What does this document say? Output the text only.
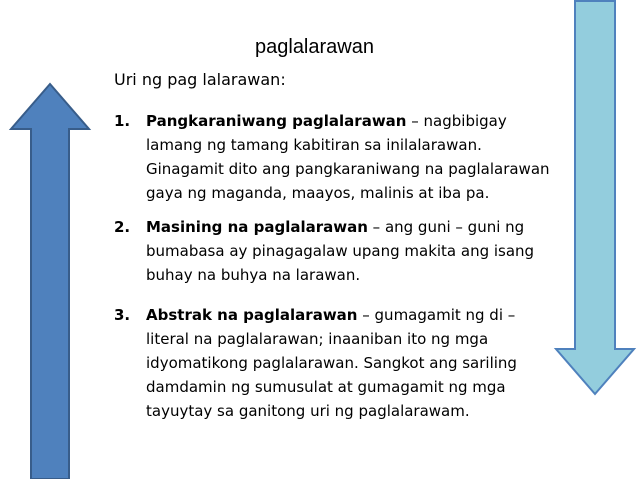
paglalarawan
Uri ng pag lalarawan:
1. Pangkaraniwang paglalarawan – nagbibigay lamang ng tamang kabitiran sa inilalarawan. Ginagamit dito ang pangkaraniwang na paglalarawan gaya ng maganda, maayos, malinis at iba pa.
2. Masining na paglalarawan – ang guni – guni ng bumabasa ay pinagagalaw upang makita ang isang buhay na buhya na larawan.
3. Abstrak na paglalarawan – gumagamit ng di – literal na paglalarawan; inaaniban ito ng mga idyomatikong paglalarawan. Sangkot ang sariling damdamin ng sumusulat at gumagamit ng mga tayuytay sa ganitong uri ng paglalarawam.
